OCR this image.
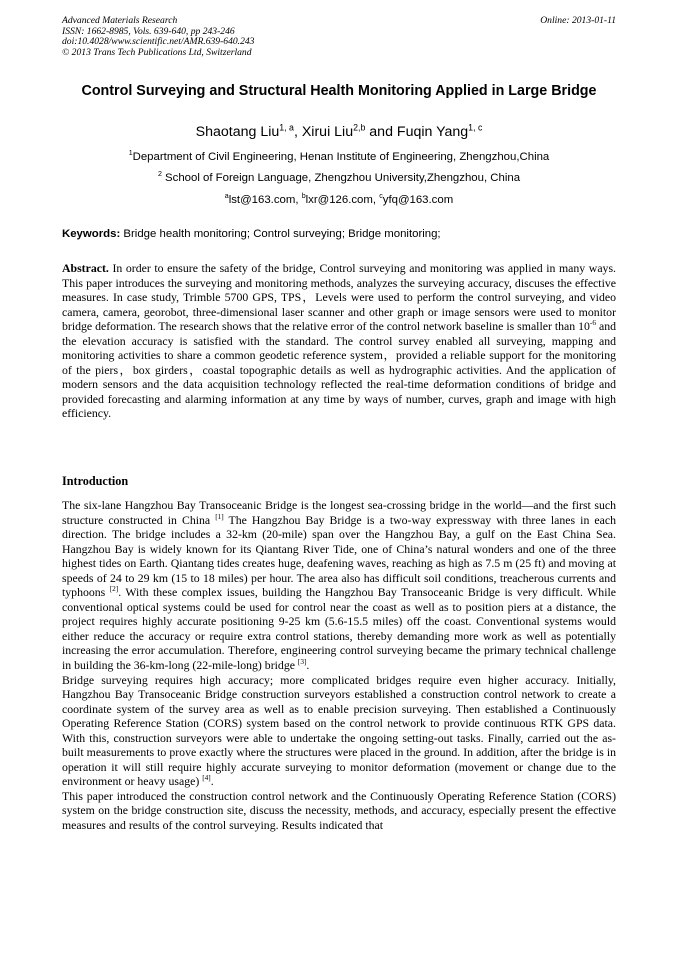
Advanced Materials Research
ISSN: 1662-8985, Vols. 639-640, pp 243-246
doi:10.4028/www.scientific.net/AMR.639-640.243
© 2013 Trans Tech Publications Ltd, Switzerland
Online: 2013-01-11
Control Surveying and Structural Health Monitoring Applied in Large Bridge
Shaotang Liu$^{1, a}$, Xirui Liu$^{2,b}$ and Fuqin Yang$^{1, c}$
$^1$Department of Civil Engineering, Henan Institute of Engineering, Zhengzhou,China
$^2$ School of Foreign Language, Zhengzhou University,Zhengzhou, China
$^a$lst@163.com, $^b$lxr@126.com, $^c$yfq@163.com
Keywords: Bridge health monitoring; Control surveying; Bridge monitoring;
Abstract. In order to ensure the safety of the bridge, Control surveying and monitoring was applied in many ways. This paper introduces the surveying and monitoring methods, analyzes the surveying accuracy, discuses the effective measures. In case study, Trimble 5700 GPS, TPS，Levels were used to perform the control surveying, and video camera, camera, georobot, three-dimensional laser scanner and other graph or image sensors were used to monitor bridge deformation. The research shows that the relative error of the control network baseline is smaller than $10^{-6}$ and the elevation accuracy is satisfied with the standard. The control survey enabled all surveying, mapping and monitoring activities to share a common geodetic reference system，provided a reliable support for the monitoring of the piers，box girders，coastal topographic details as well as hydrographic activities. And the application of modern sensors and the data acquisition technology reflected the real-time deformation conditions of bridge and provided forecasting and alarming information at any time by ways of number, curves, graph and image with high efficiency.
Introduction

The six-lane Hangzhou Bay Transoceanic Bridge is the longest sea-crossing bridge in the world—and the first such structure constructed in China [1] The Hangzhou Bay Bridge is a two-way expressway with three lanes in each direction. The bridge includes a 32-km (20-mile) span over the Hangzhou Bay, a gulf on the East China Sea. Hangzhou Bay is widely known for its Qiantang River Tide, one of China’s natural wonders and one of the three highest tides on Earth. Qiantang tides creates huge, deafening waves, reaching as high as 7.5 m (25 ft) and moving at speeds of 24 to 29 km (15 to 18 miles) per hour. The area also has difficult soil conditions, treacherous currents and typhoons [2]. With these complex issues, building the Hangzhou Bay Transoceanic Bridge is very difficult. While conventional optical systems could be used for control near the coast as well as to position piers at a distance, the project requires highly accurate positioning 9-25 km (5.6-15.5 miles) off the coast. Conventional systems would either reduce the accuracy or require extra control stations, thereby demanding more work as well as potentially increasing the error accumulation. Therefore, engineering control surveying became the primary technical challenge in building the 36-km-long (22-mile-long) bridge [3].

Bridge surveying requires high accuracy; more complicated bridges require even higher accuracy. Initially, Hangzhou Bay Transoceanic Bridge construction surveyors established a construction control network to create a coordinate system of the survey area as well as to enable precision surveying. Then established a Continuously Operating Reference Station (CORS) system based on the control network to provide continuous RTK GPS data. With this, construction surveyors were able to undertake the ongoing setting-out tasks. Finally, carried out the as-built measurements to prove exactly where the structures were placed in the ground. In addition, after the bridge is in operation it will still require highly accurate surveying to monitor deformation (movement or change due to the environment or heavy usage) [4].

This paper introduced the construction control network and the Continuously Operating Reference Station (CORS) system on the bridge construction site, discuss the necessity, methods, and accuracy, especially present the effective measures and results of the control surveying. Results indicated that
